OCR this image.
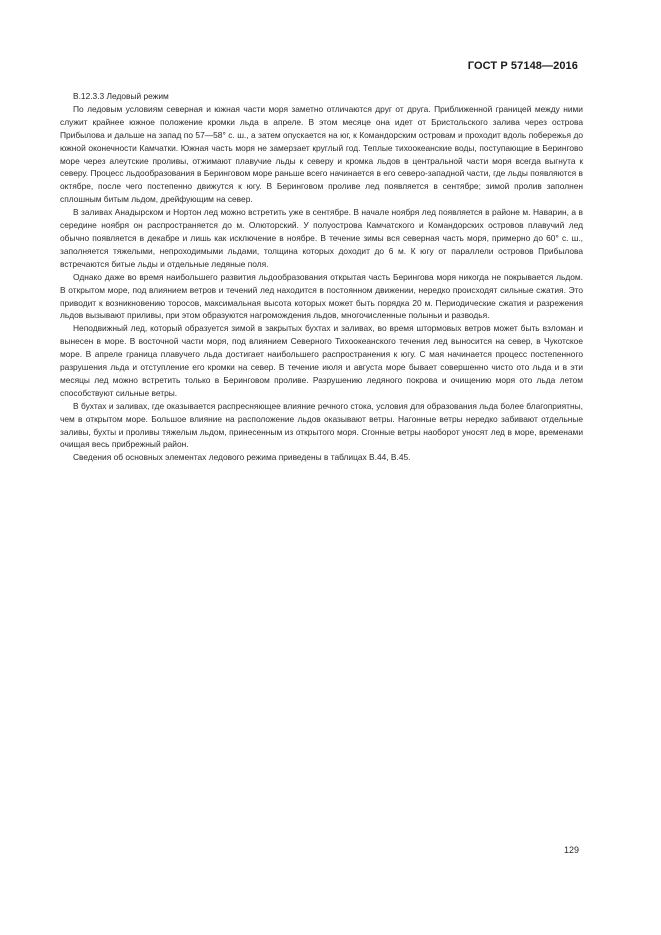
ГОСТ Р 57148—2016

В.12.3.3 Ледовый режим

По ледовым условиям северная и южная части моря заметно отличаются друг от друга. Приближенной границей между ними служит крайнее южное положение кромки льда в апреле. В этом месяце она идет от Бристольского залива через острова Прибылова и дальше на запад по 57—58° с. ш., а затем опускается на юг, к Командорским островам и проходит вдоль побережья до южной оконечности Камчатки. Южная часть моря не замерзает круглый год. Теплые тихоокеанские воды, поступающие в Берингово море через алеутские проливы, отжимают плавучие льды к северу и кромка льдов в центральной части моря всегда выгнута к северу. Процесс льдообразования в Беринговом море раньше всего начинается в его северо-западной части, где льды появляются в октябре, после чего постепенно движутся к югу. В Беринговом проливе лед появляется в сентябре; зимой пролив заполнен сплошным битым льдом, дрейфующим на север.

В заливах Анадырском и Нортон лед можно встретить уже в сентябре. В начале ноября лед появляется в районе м. Наварин, а в середине ноября он распространяется до м. Олюторский. У полуострова Камчатского и Командорских островов плавучий лед обычно появляется в декабре и лишь как исключение в ноябре. В течение зимы вся северная часть моря, примерно до 60° с. ш., заполняется тяжелыми, непроходимыми льдами, толщина которых доходит до 6 м. К югу от параллели островов Прибылова встречаются битые льды и отдельные ледяные поля.

Однако даже во время наибольшего развития льдообразования открытая часть Берингова моря никогда не покрывается льдом. В открытом море, под влиянием ветров и течений лед находится в постоянном движении, нередко происходят сильные сжатия. Это приводит к возникновению торосов, максимальная высота которых может быть порядка 20 м. Периодические сжатия и разрежения льдов вызывают приливы, при этом образуются нагромождения льдов, многочисленные полыньи и разводья.

Неподвижный лед, который образуется зимой в закрытых бухтах и заливах, во время штормовых ветров может быть взломан и вынесен в море. В восточной части моря, под влиянием Северного Тихоокеанского течения лед выносится на север, в Чукотское море. В апреле граница плавучего льда достигает наибольшего распространения к югу. С мая начинается процесс постепенного разрушения льда и отступление его кромки на север. В течение июля и августа море бывает совершенно чисто ото льда и в эти месяцы лед можно встретить только в Беринговом проливе. Разрушению ледяного покрова и очищению моря ото льда летом способствуют сильные ветры.

В бухтах и заливах, где оказывается распресняющее влияние речного стока, условия для образования льда более благоприятны, чем в открытом море. Большое влияние на расположение льдов оказывают ветры. Нагонные ветры нередко забивают отдельные заливы, бухты и проливы тяжелым льдом, принесенным из открытого моря. Сгонные ветры наоборот уносят лед в море, временами очищая весь прибрежный район.

Сведения об основных элементах ледового режима приведены в таблицах В.44, В.45.

129
